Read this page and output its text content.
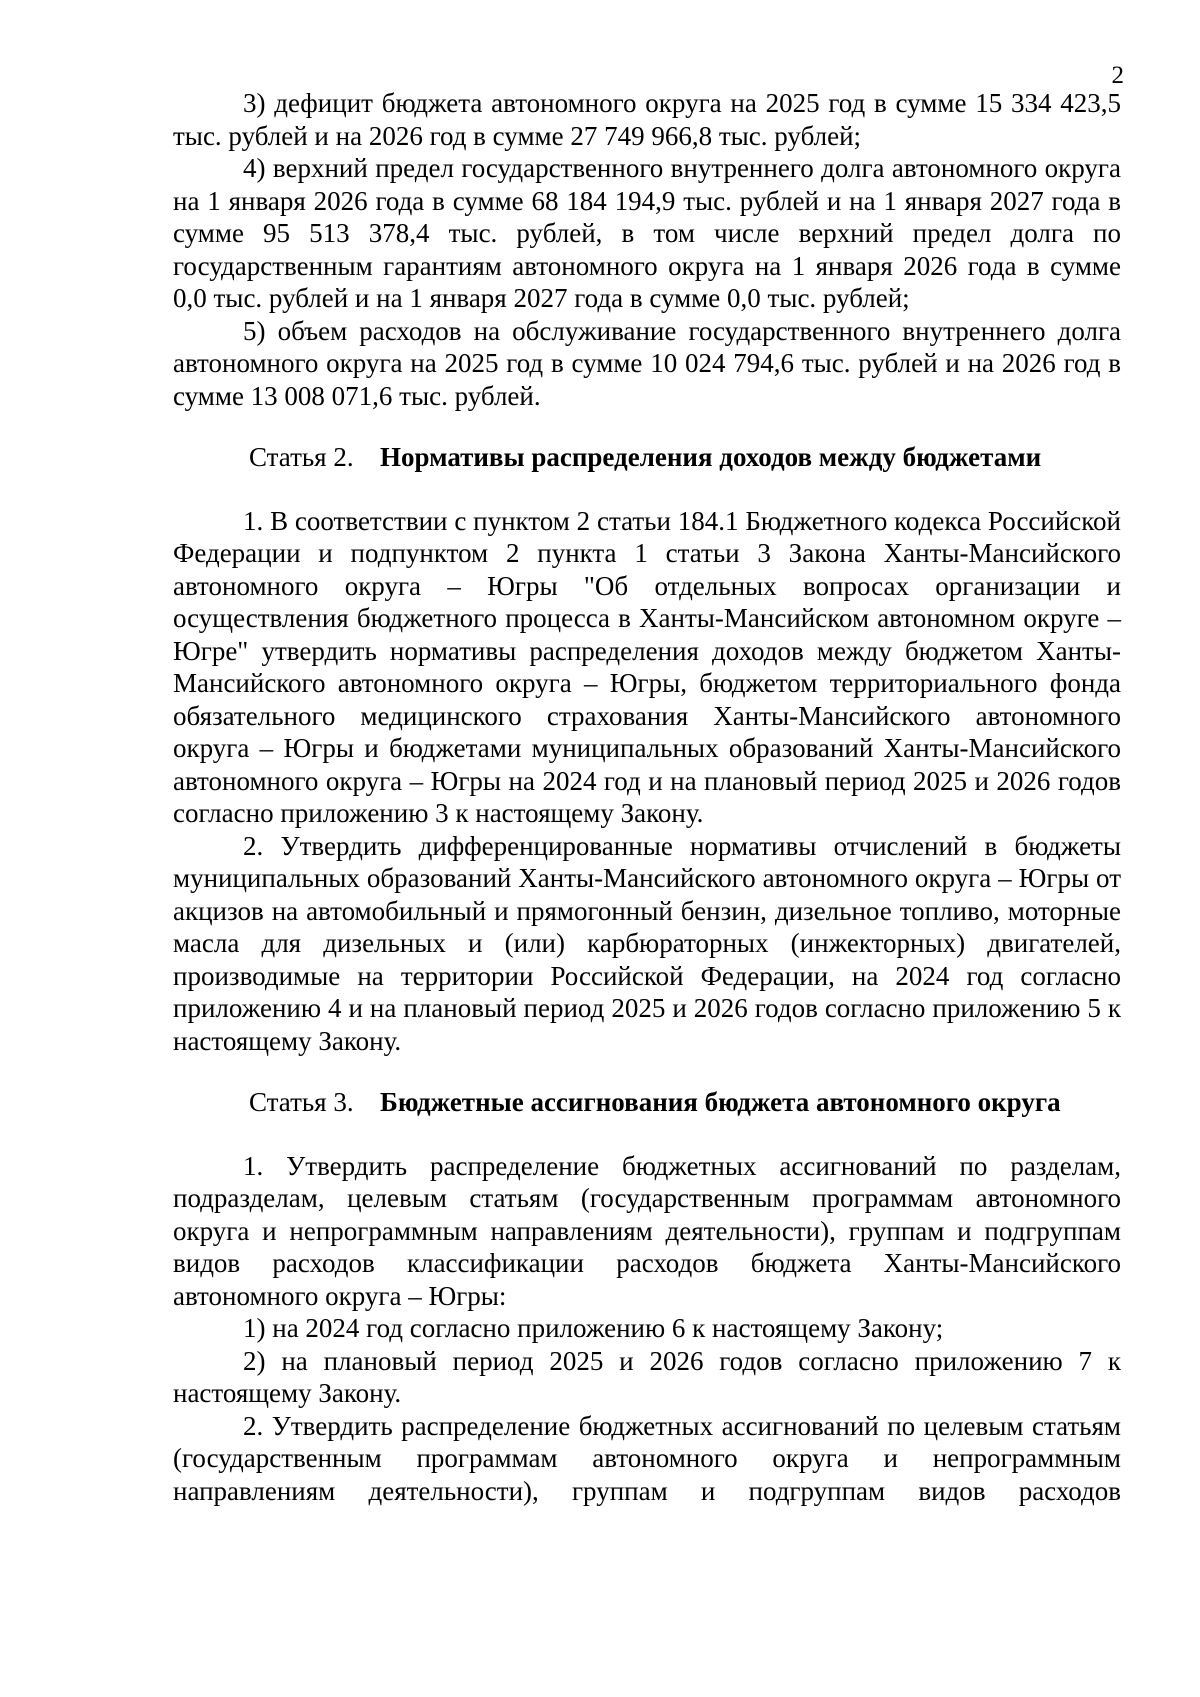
2

3) дефицит бюджета автономного округа на 2025 год в сумме 15 334 423,5 тыс. рублей и на 2026 год в сумме 27 749 966,8 тыс. рублей;

4) верхний предел государственного внутреннего долга автономного округа на 1 января 2026 года в сумме 68 184 194,9 тыс. рублей и на 1 января 2027 года в сумме 95 513 378,4 тыс. рублей, в том числе верхний предел долга по государственным гарантиям автономного округа на 1 января 2026 года в сумме 0,0 тыс. рублей и на 1 января 2027 года в сумме 0,0 тыс. рублей;

5) объем расходов на обслуживание государственного внутреннего долга автономного округа на 2025 год в сумме 10 024 794,6 тыс. рублей и на 2026 год в сумме 13 008 071,6 тыс. рублей.

Статья 2. Нормативы распределения доходов между бюджетами

1. В соответствии с пунктом 2 статьи 184.1 Бюджетного кодекса Российской Федерации и подпунктом 2 пункта 1 статьи 3 Закона Ханты-Мансийского автономного округа – Югры "Об отдельных вопросах организации и осуществления бюджетного процесса в Ханты-Мансийском автономном округе – Югре" утвердить нормативы распределения доходов между бюджетом Ханты-Мансийского автономного округа – Югры, бюджетом территориального фонда обязательного медицинского страхования Ханты-Мансийского автономного округа – Югры и бюджетами муниципальных образований Ханты-Мансийского автономного округа – Югры на 2024 год и на плановый период 2025 и 2026 годов согласно приложению 3 к настоящему Закону.

2. Утвердить дифференцированные нормативы отчислений в бюджеты муниципальных образований Ханты-Мансийского автономного округа – Югры от акцизов на автомобильный и прямогонный бензин, дизельное топливо, моторные масла для дизельных и (или) карбюраторных (инжекторных) двигателей, производимые на территории Российской Федерации, на 2024 год согласно приложению 4 и на плановый период 2025 и 2026 годов согласно приложению 5 к настоящему Закону.

Статья 3. Бюджетные ассигнования бюджета автономного округа

1. Утвердить распределение бюджетных ассигнований по разделам, подразделам, целевым статьям (государственным программам автономного округа и непрограммным направлениям деятельности), группам и подгруппам видов расходов классификации расходов бюджета Ханты-Мансийского автономного округа – Югры:

1) на 2024 год согласно приложению 6 к настоящему Закону;

2) на плановый период 2025 и 2026 годов согласно приложению 7 к настоящему Закону.

2. Утвердить распределение бюджетных ассигнований по целевым статьям (государственным программам автономного округа и непрограммным направлениям деятельности), группам и подгруппам видов расходов
